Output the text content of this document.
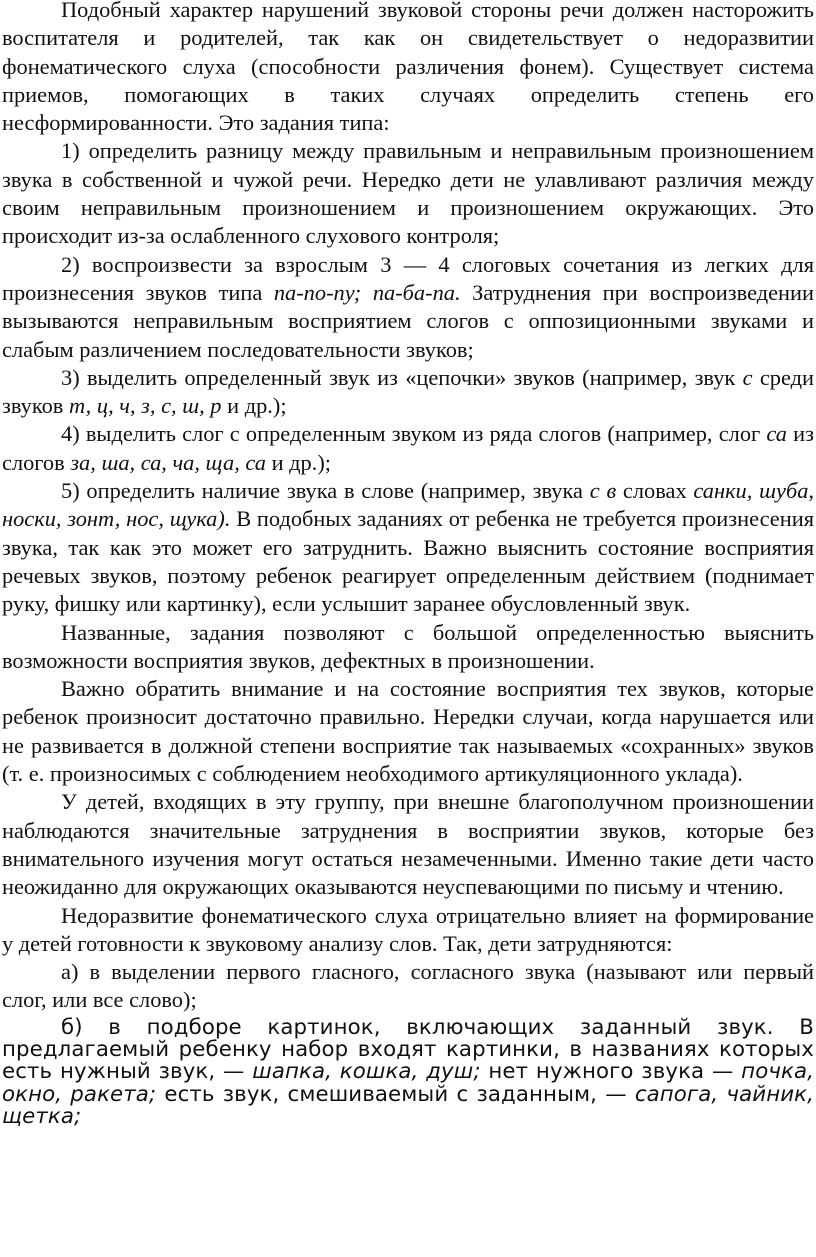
Подобный характер нарушений звуковой стороны речи должен насторожить воспитателя и родителей, так как он свидетельствует о недоразвитии фонематического слуха (способности различения фонем). Существует система приемов, помогающих в таких случаях определить степень его несформированности. Это задания типа:

1) определить разницу между правильным и неправильным произношением звука в собственной и чужой речи. Нередко дети не улавливают различия между своим неправильным произношением и произношением окружающих. Это происходит из-за ослабленного слухового контроля;

2) воспроизвести за взрослым 3 — 4 слоговых сочетания из легких для произнесения звуков типа па-по-пу; па-ба-па. Затруднения при воспроизведении вызываются неправильным восприятием слогов с оппозиционными звуками и слабым различением последовательности звуков;

3) выделить определенный звук из «цепочки» звуков (например, звук с среди звуков т, ц, ч, з, с, ш, р и др.);

4) выделить слог с определенным звуком из ряда слогов (например, слог са из слогов за, ша, са, ча, ща, са и др.);

5) определить наличие звука в слове (например, звука с в словах санки, шуба, носки, зонт, нос, щука). В подобных заданиях от ребенка не требуется произнесения звука, так как это может его затруднить. Важно выяснить состояние восприятия речевых звуков, поэтому ребенок реагирует определенным действием (поднимает руку, фишку или картинку), если услышит заранее обусловленный звук.

Названные, задания позволяют с большой определенностью выяснить возможности восприятия звуков, дефектных в произношении.

Важно обратить внимание и на состояние восприятия тех звуков, которые ребенок произносит достаточно правильно. Нередки случаи, когда нарушается или не развивается в должной степени восприятие так называемых «сохранных» звуков (т. е. произносимых с соблюдением необходимого артикуляционного уклада).

У детей, входящих в эту группу, при внешне благополучном произношении наблюдаются значительные затруднения в восприятии звуков, которые без внимательного изучения могут остаться незамеченными. Именно такие дети часто неожиданно для окружающих оказываются неуспевающими по письму и чтению.

Недоразвитие фонематического слуха отрицательно влияет на формирование у детей готовности к звуковому анализу слов. Так, дети затрудняются:

а) в выделении первого гласного, согласного звука (называют или первый слог, или все слово);

б) в подборе картинок, включающих заданный звук. В предлагаемый ребенку набор входят картинки, в названиях которых есть нужный звук, — шапка, кошка, душ; нет нужного звука — почка, окно, ракета; есть звук, смешиваемый с заданным, — сапога, чайник, щетка;
